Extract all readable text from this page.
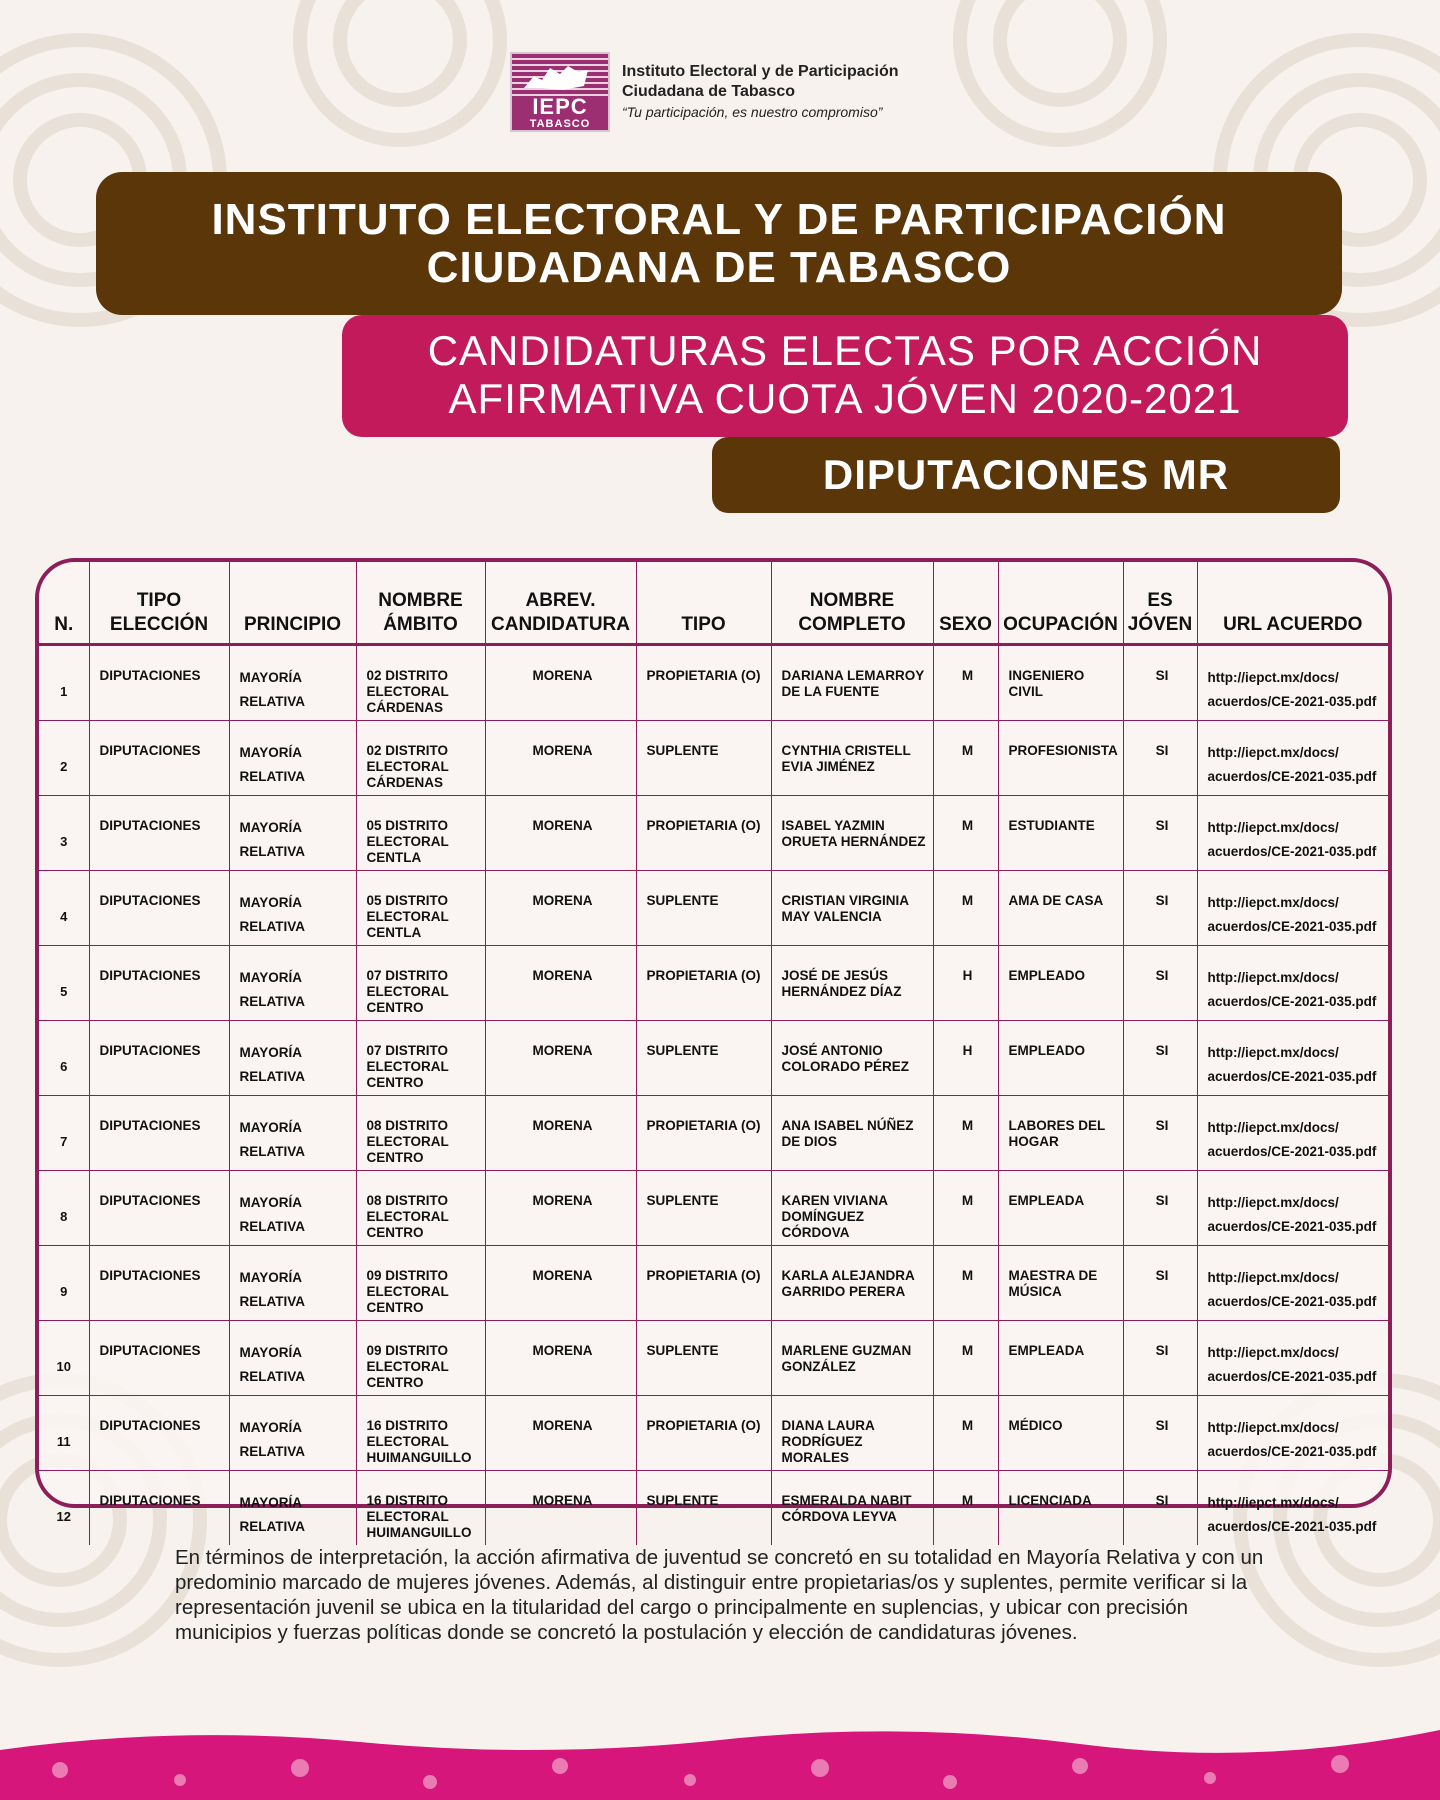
IEPC
TABASCO
Instituto Electoral y de Participación
Ciudadana de Tabasco
“Tu participación, es nuestro compromiso”
INSTITUTO ELECTORAL Y DE PARTICIPACIÓN
CIUDADANA DE TABASCO
CANDIDATURAS ELECTAS POR ACCIÓN
AFIRMATIVA CUOTA JÓVEN 2020-2021
DIPUTACIONES MR
N.	TIPO ELECCIÓN	PRINCIPIO	NOMBRE ÁMBITO	ABREV. CANDIDATURA	TIPO	NOMBRE COMPLETO	SEXO	OCUPACIÓN	ES JÓVEN	URL ACUERDO
1	DIPUTACIONES	MAYORÍA RELATIVA	02 DISTRITO ELECTORAL CÁRDENAS	MORENA	PROPIETARIA (O)	DARIANA LEMARROY DE LA FUENTE	M	INGENIERO CIVIL	SI	http://iepct.mx/docs/ acuerdos/CE-2021-035.pdf
2	DIPUTACIONES	MAYORÍA RELATIVA	02 DISTRITO ELECTORAL CÁRDENAS	MORENA	SUPLENTE	CYNTHIA CRISTELL EVIA JIMÉNEZ	M	PROFESIONISTA	SI	http://iepct.mx/docs/ acuerdos/CE-2021-035.pdf
3	DIPUTACIONES	MAYORÍA RELATIVA	05 DISTRITO ELECTORAL CENTLA	MORENA	PROPIETARIA (O)	ISABEL YAZMIN ORUETA HERNÁNDEZ	M	ESTUDIANTE	SI	http://iepct.mx/docs/ acuerdos/CE-2021-035.pdf
4	DIPUTACIONES	MAYORÍA RELATIVA	05 DISTRITO ELECTORAL CENTLA	MORENA	SUPLENTE	CRISTIAN VIRGINIA MAY VALENCIA	M	AMA DE CASA	SI	http://iepct.mx/docs/ acuerdos/CE-2021-035.pdf
5	DIPUTACIONES	MAYORÍA RELATIVA	07 DISTRITO ELECTORAL CENTRO	MORENA	PROPIETARIA (O)	JOSÉ DE JESÚS HERNÁNDEZ DÍAZ	H	EMPLEADO	SI	http://iepct.mx/docs/ acuerdos/CE-2021-035.pdf
6	DIPUTACIONES	MAYORÍA RELATIVA	07 DISTRITO ELECTORAL CENTRO	MORENA	SUPLENTE	JOSÉ ANTONIO COLORADO PÉREZ	H	EMPLEADO	SI	http://iepct.mx/docs/ acuerdos/CE-2021-035.pdf
7	DIPUTACIONES	MAYORÍA RELATIVA	08 DISTRITO ELECTORAL CENTRO	MORENA	PROPIETARIA (O)	ANA ISABEL NÚÑEZ DE DIOS	M	LABORES DEL HOGAR	SI	http://iepct.mx/docs/ acuerdos/CE-2021-035.pdf
8	DIPUTACIONES	MAYORÍA RELATIVA	08 DISTRITO ELECTORAL CENTRO	MORENA	SUPLENTE	KAREN VIVIANA DOMÍNGUEZ CÓRDOVA	M	EMPLEADA	SI	http://iepct.mx/docs/ acuerdos/CE-2021-035.pdf
9	DIPUTACIONES	MAYORÍA RELATIVA	09 DISTRITO ELECTORAL CENTRO	MORENA	PROPIETARIA (O)	KARLA ALEJANDRA GARRIDO PERERA	M	MAESTRA DE MÚSICA	SI	http://iepct.mx/docs/ acuerdos/CE-2021-035.pdf
10	DIPUTACIONES	MAYORÍA RELATIVA	09 DISTRITO ELECTORAL CENTRO	MORENA	SUPLENTE	MARLENE GUZMAN GONZÁLEZ	M	EMPLEADA	SI	http://iepct.mx/docs/ acuerdos/CE-2021-035.pdf
11	DIPUTACIONES	MAYORÍA RELATIVA	16 DISTRITO ELECTORAL HUIMANGUILLO	MORENA	PROPIETARIA (O)	DIANA LAURA RODRÍGUEZ MORALES	M	MÉDICO	SI	http://iepct.mx/docs/ acuerdos/CE-2021-035.pdf
12	DIPUTACIONES	MAYORÍA RELATIVA	16 DISTRITO ELECTORAL HUIMANGUILLO	MORENA	SUPLENTE	ESMERALDA NABIT CÓRDOVA LEYVA	M	LICENCIADA	SI	http://iepct.mx/docs/ acuerdos/CE-2021-035.pdf
En términos de interpretación, la acción afirmativa de juventud se concretó en su totalidad en Mayoría Relativa y con un predominio marcado de mujeres jóvenes. Además, al distinguir entre propietarias/os y suplentes, permite verificar si la representación juvenil se ubica en la titularidad del cargo o principalmente en suplencias, y ubicar con precisión municipios y fuerzas políticas donde se concretó la postulación y elección de candidaturas jóvenes.
